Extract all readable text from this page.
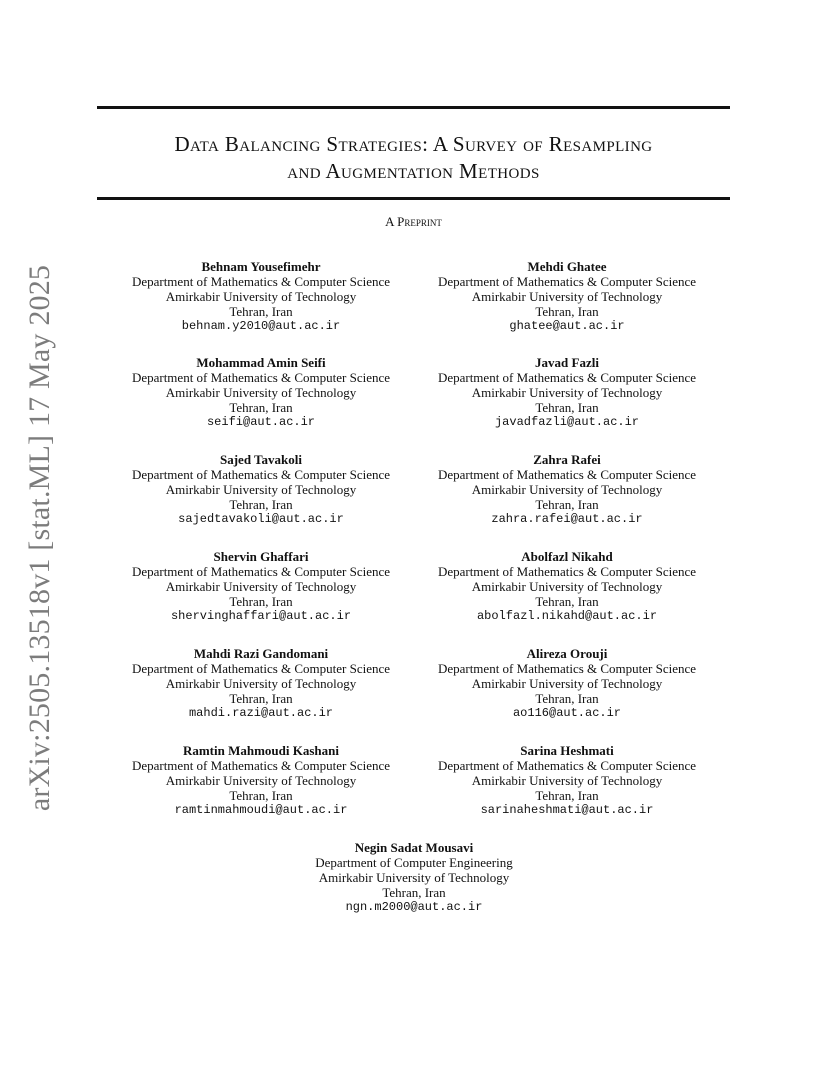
arXiv:2505.13518v1 [stat.ML] 17 May 2025
Data Balancing Strategies: A Survey of Resampling
and Augmentation Methods
A Preprint
Behnam Yousefimehr
Department of Mathematics & Computer Science
Amirkabir University of Technology
Tehran, Iran
behnam.y2010@aut.ac.ir
Mehdi Ghatee
Department of Mathematics & Computer Science
Amirkabir University of Technology
Tehran, Iran
ghatee@aut.ac.ir
Mohammad Amin Seifi
Department of Mathematics & Computer Science
Amirkabir University of Technology
Tehran, Iran
seifi@aut.ac.ir
Javad Fazli
Department of Mathematics & Computer Science
Amirkabir University of Technology
Tehran, Iran
javadfazli@aut.ac.ir
Sajed Tavakoli
Department of Mathematics & Computer Science
Amirkabir University of Technology
Tehran, Iran
sajedtavakoli@aut.ac.ir
Zahra Rafei
Department of Mathematics & Computer Science
Amirkabir University of Technology
Tehran, Iran
zahra.rafei@aut.ac.ir
Shervin Ghaffari
Department of Mathematics & Computer Science
Amirkabir University of Technology
Tehran, Iran
shervinghaffari@aut.ac.ir
Abolfazl Nikahd
Department of Mathematics & Computer Science
Amirkabir University of Technology
Tehran, Iran
abolfazl.nikahd@aut.ac.ir
Mahdi Razi Gandomani
Department of Mathematics & Computer Science
Amirkabir University of Technology
Tehran, Iran
mahdi.razi@aut.ac.ir
Alireza Orouji
Department of Mathematics & Computer Science
Amirkabir University of Technology
Tehran, Iran
ao116@aut.ac.ir
Ramtin Mahmoudi Kashani
Department of Mathematics & Computer Science
Amirkabir University of Technology
Tehran, Iran
ramtinmahmoudi@aut.ac.ir
Sarina Heshmati
Department of Mathematics & Computer Science
Amirkabir University of Technology
Tehran, Iran
sarinaheshmati@aut.ac.ir
Negin Sadat Mousavi
Department of Computer Engineering
Amirkabir University of Technology
Tehran, Iran
ngn.m2000@aut.ac.ir
